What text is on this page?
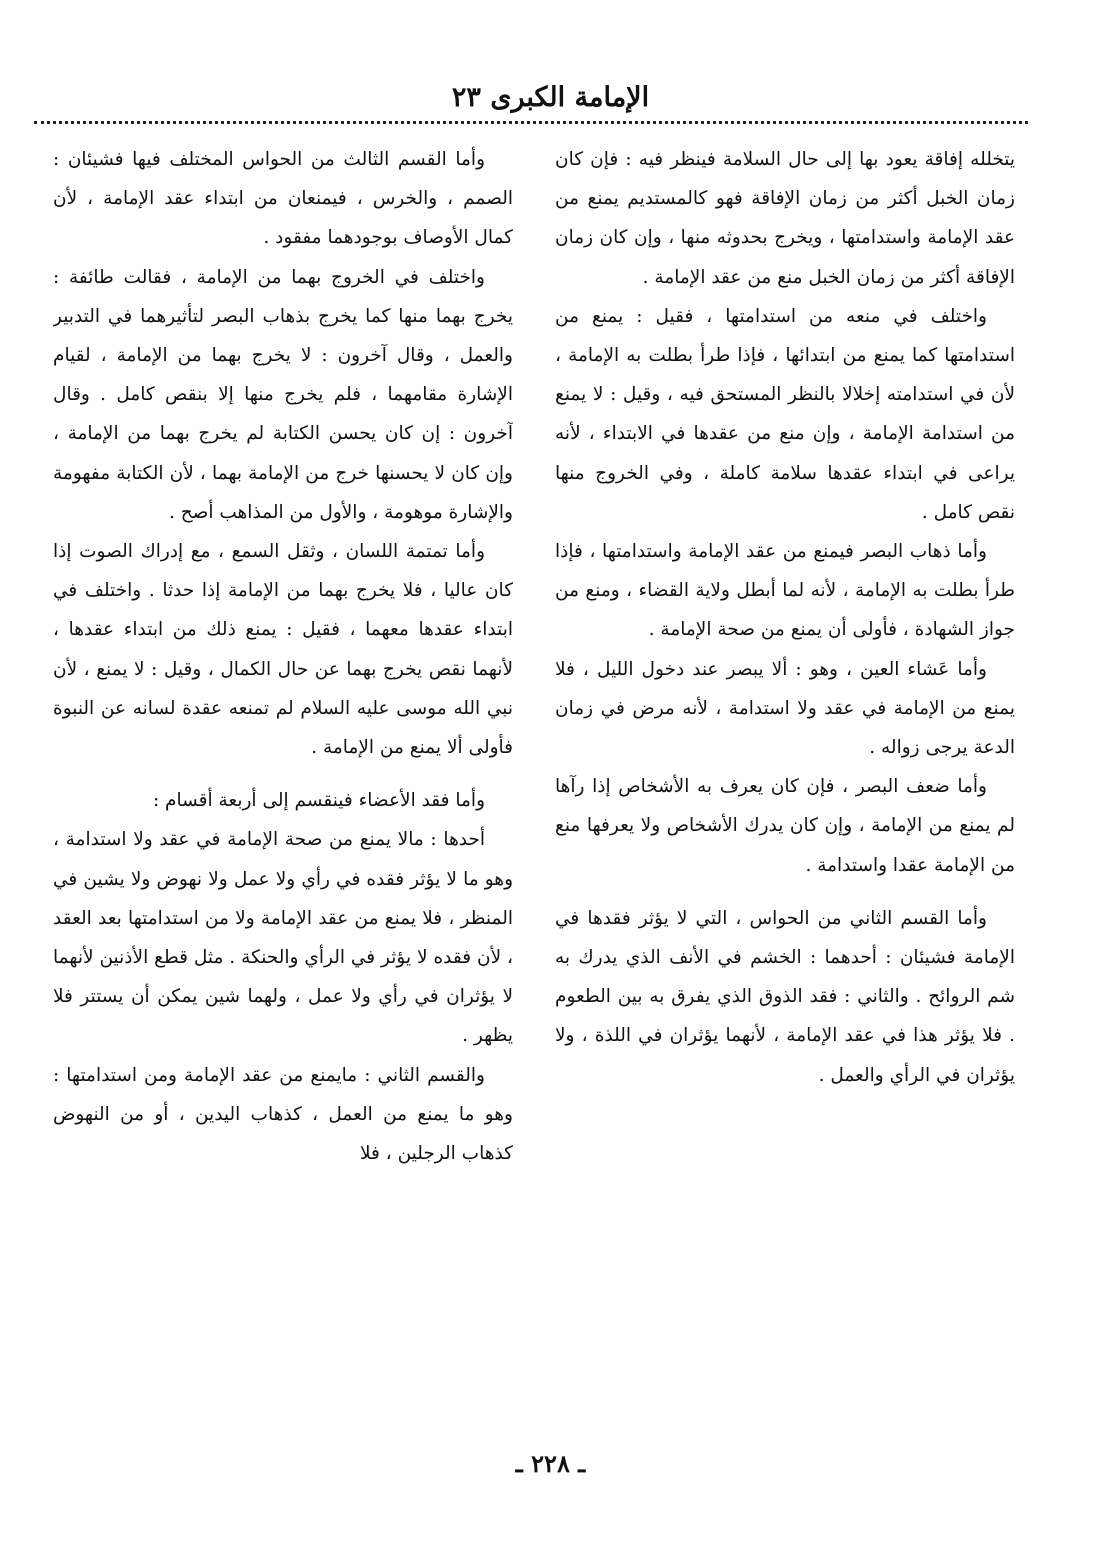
الإمامة الكبرى ٢٣

يتخلله إفاقة يعود بها إلى حال السلامة فينظر فيه : فإن كان زمان الخبل أكثر من زمان الإفاقة فهو كالمستديم يمنع من عقد الإمامة واستدامتها ، ويخرج بحدوثه منها ، وإن كان زمان الإفاقة أكثر من زمان الخبل منع من عقد الإمامة .

واختلف في منعه من استدامتها ، فقيل : يمنع من استدامتها كما يمنع من ابتدائها ، فإذا طرأ بطلت به الإمامة ، لأن في استدامته إخلالا بالنظر المستحق فيه ، وقيل : لا يمنع من استدامة الإمامة ، وإن منع من عقدها في الابتداء ، لأنه يراعى في ابتداء عقدها سلامة كاملة ، وفي الخروج منها نقص كامل .

وأما ذهاب البصر فيمنع من عقد الإمامة واستدامتها ، فإذا طرأ بطلت به الإمامة ، لأنه لما أبطل ولاية القضاء ، ومنع من جواز الشهادة ، فأولى أن يمنع من صحة الإمامة .

وأما عَشاء العين ، وهو : ألا يبصر عند دخول الليل ، فلا يمنع من الإمامة في عقد ولا استدامة ، لأنه مرض في زمان الدعة يرجى زواله .

وأما ضعف البصر ، فإن كان يعرف به الأشخاص إذا رآها لم يمنع من الإمامة ، وإن كان يدرك الأشخاص ولا يعرفها منع من الإمامة عقدا واستدامة .

وأما القسم الثاني من الحواس ، التي لا يؤثر فقدها في الإمامة فشيئان : أحدهما : الخشم في الأنف الذي يدرك به شم الروائح . والثاني : فقد الذوق الذي يفرق به بين الطعوم . فلا يؤثر هذا في عقد الإمامة ، لأنهما يؤثران في اللذة ، ولا يؤثران في الرأي والعمل .

وأما القسم الثالث من الحواس المختلف فيها فشيئان : الصمم ، والخرس ، فيمنعان من ابتداء عقد الإمامة ، لأن كمال الأوصاف بوجودهما مفقود .

واختلف في الخروج بهما من الإمامة ، فقالت طائفة : يخرج بهما منها كما يخرج بذهاب البصر لتأثيرهما في التدبير والعمل ، وقال آخرون : لا يخرج بهما من الإمامة ، لقيام الإشارة مقامهما ، فلم يخرج منها إلا بنقص كامل . وقال آخرون : إن كان يحسن الكتابة لم يخرج بهما من الإمامة ، وإن كان لا يحسنها خرج من الإمامة بهما ، لأن الكتابة مفهومة والإشارة موهومة ، والأول من المذاهب أصح .

وأما تمتمة اللسان ، وثقل السمع ، مع إدراك الصوت إذا كان عاليا ، فلا يخرج بهما من الإمامة إذا حدثا . واختلف في ابتداء عقدها معهما ، فقيل : يمنع ذلك من ابتداء عقدها ، لأنهما نقص يخرج بهما عن حال الكمال ، وقيل : لا يمنع ، لأن نبي الله موسى عليه السلام لم تمنعه عقدة لسانه عن النبوة فأولى ألا يمنع من الإمامة .

وأما فقد الأعضاء فينقسم إلى أربعة أقسام :

أحدها : مالا يمنع من صحة الإمامة في عقد ولا استدامة ، وهو ما لا يؤثر فقده في رأي ولا عمل ولا نهوض ولا يشين في المنظر ، فلا يمنع من عقد الإمامة ولا من استدامتها بعد العقد ، لأن فقده لا يؤثر في الرأي والحنكة . مثل قطع الأذنين لأنهما لا يؤثران في رأي ولا عمل ، ولهما شين يمكن أن يستتر فلا يظهر .

والقسم الثاني : مايمنع من عقد الإمامة ومن استدامتها : وهو ما يمنع من العمل ، كذهاب اليدين ، أو من النهوض كذهاب الرجلين ، فلا

ـ ٢٢٨ ـ
